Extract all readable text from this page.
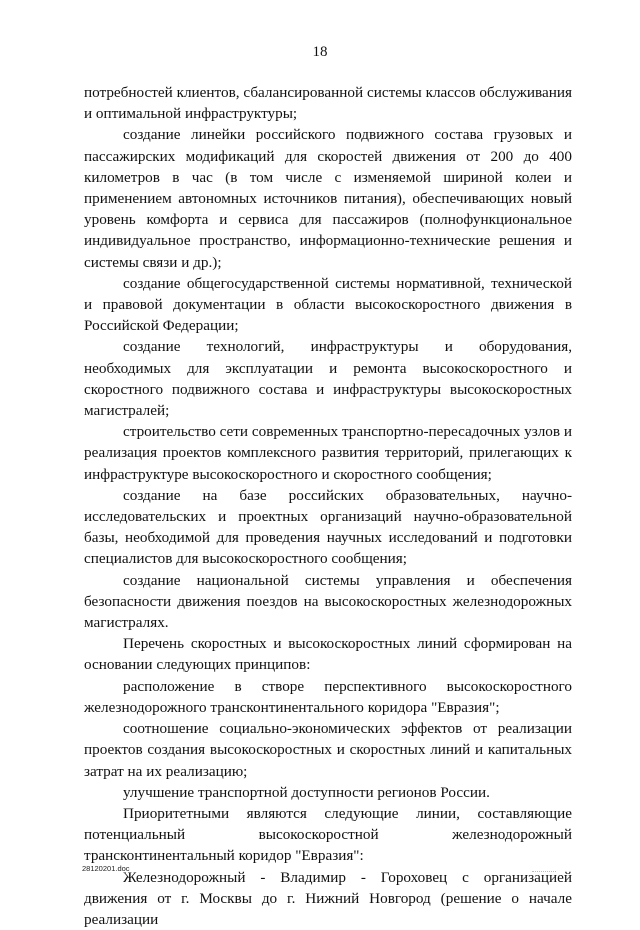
18

потребностей клиентов, сбалансированной системы классов обслуживания и оптимальной инфраструктуры;

создание линейки российского подвижного состава грузовых и пассажирских модификаций для скоростей движения от 200 до 400 километров в час (в том числе с изменяемой шириной колеи и применением автономных источников питания), обеспечивающих новый уровень комфорта и сервиса для пассажиров (полнофункциональное индивидуальное пространство, информационно-технические решения и системы связи и др.);

создание общегосударственной системы нормативной, технической и правовой документации в области высокоскоростного движения в Российской Федерации;

создание технологий, инфраструктуры и оборудования, необходимых для эксплуатации и ремонта высокоскоростного и скоростного подвижного состава и инфраструктуры высокоскоростных магистралей;

строительство сети современных транспортно-пересадочных узлов и реализация проектов комплексного развития территорий, прилегающих к инфраструктуре высокоскоростного и скоростного сообщения;

создание на базе российских образовательных, научно-исследовательских и проектных организаций научно-образовательной базы, необходимой для проведения научных исследований и подготовки специалистов для высокоскоростного сообщения;

создание национальной системы управления и обеспечения безопасности движения поездов на высокоскоростных железнодорожных магистралях.

Перечень скоростных и высокоскоростных линий сформирован на основании следующих принципов:

расположение в створе перспективного высокоскоростного железнодорожного трансконтинентального коридора "Евразия";

соотношение социально-экономических эффектов от реализации проектов создания высокоскоростных и скоростных линий и капитальных затрат на их реализацию;

улучшение транспортной доступности регионов России.

Приоритетными являются следующие линии, составляющие потенциальный высокоскоростной железнодорожный трансконтинентальный коридор "Евразия":

Железнодорожный - Владимир - Гороховец с организацией движения от г. Москвы до г. Нижний Новгород (решение о начале реализации

28120201.doc
